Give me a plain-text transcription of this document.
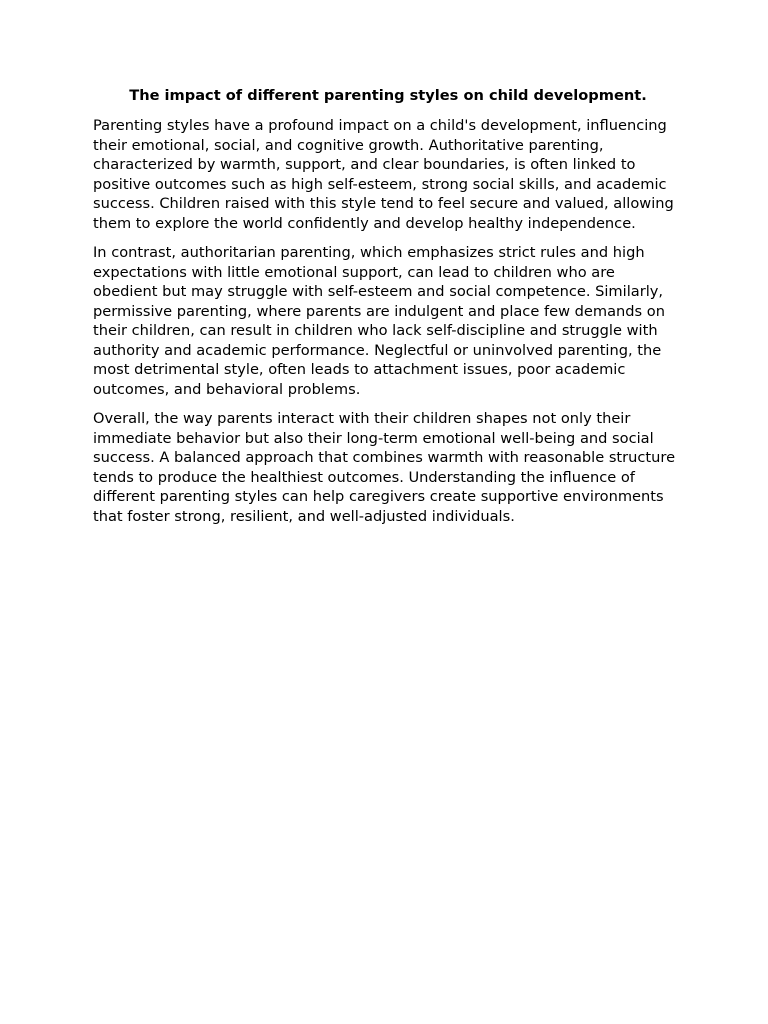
The impact of different parenting styles on child development.

Parenting styles have a profound impact on a child's development, influencing their emotional, social, and cognitive growth. Authoritative parenting, characterized by warmth, support, and clear boundaries, is often linked to positive outcomes such as high self-esteem, strong social skills, and academic success. Children raised with this style tend to feel secure and valued, allowing them to explore the world confidently and develop healthy independence.

In contrast, authoritarian parenting, which emphasizes strict rules and high expectations with little emotional support, can lead to children who are obedient but may struggle with self-esteem and social competence. Similarly, permissive parenting, where parents are indulgent and place few demands on their children, can result in children who lack self-discipline and struggle with authority and academic performance. Neglectful or uninvolved parenting, the most detrimental style, often leads to attachment issues, poor academic outcomes, and behavioral problems.

Overall, the way parents interact with their children shapes not only their immediate behavior but also their long-term emotional well-being and social success. A balanced approach that combines warmth with reasonable structure tends to produce the healthiest outcomes. Understanding the influence of different parenting styles can help caregivers create supportive environments that foster strong, resilient, and well-adjusted individuals.
